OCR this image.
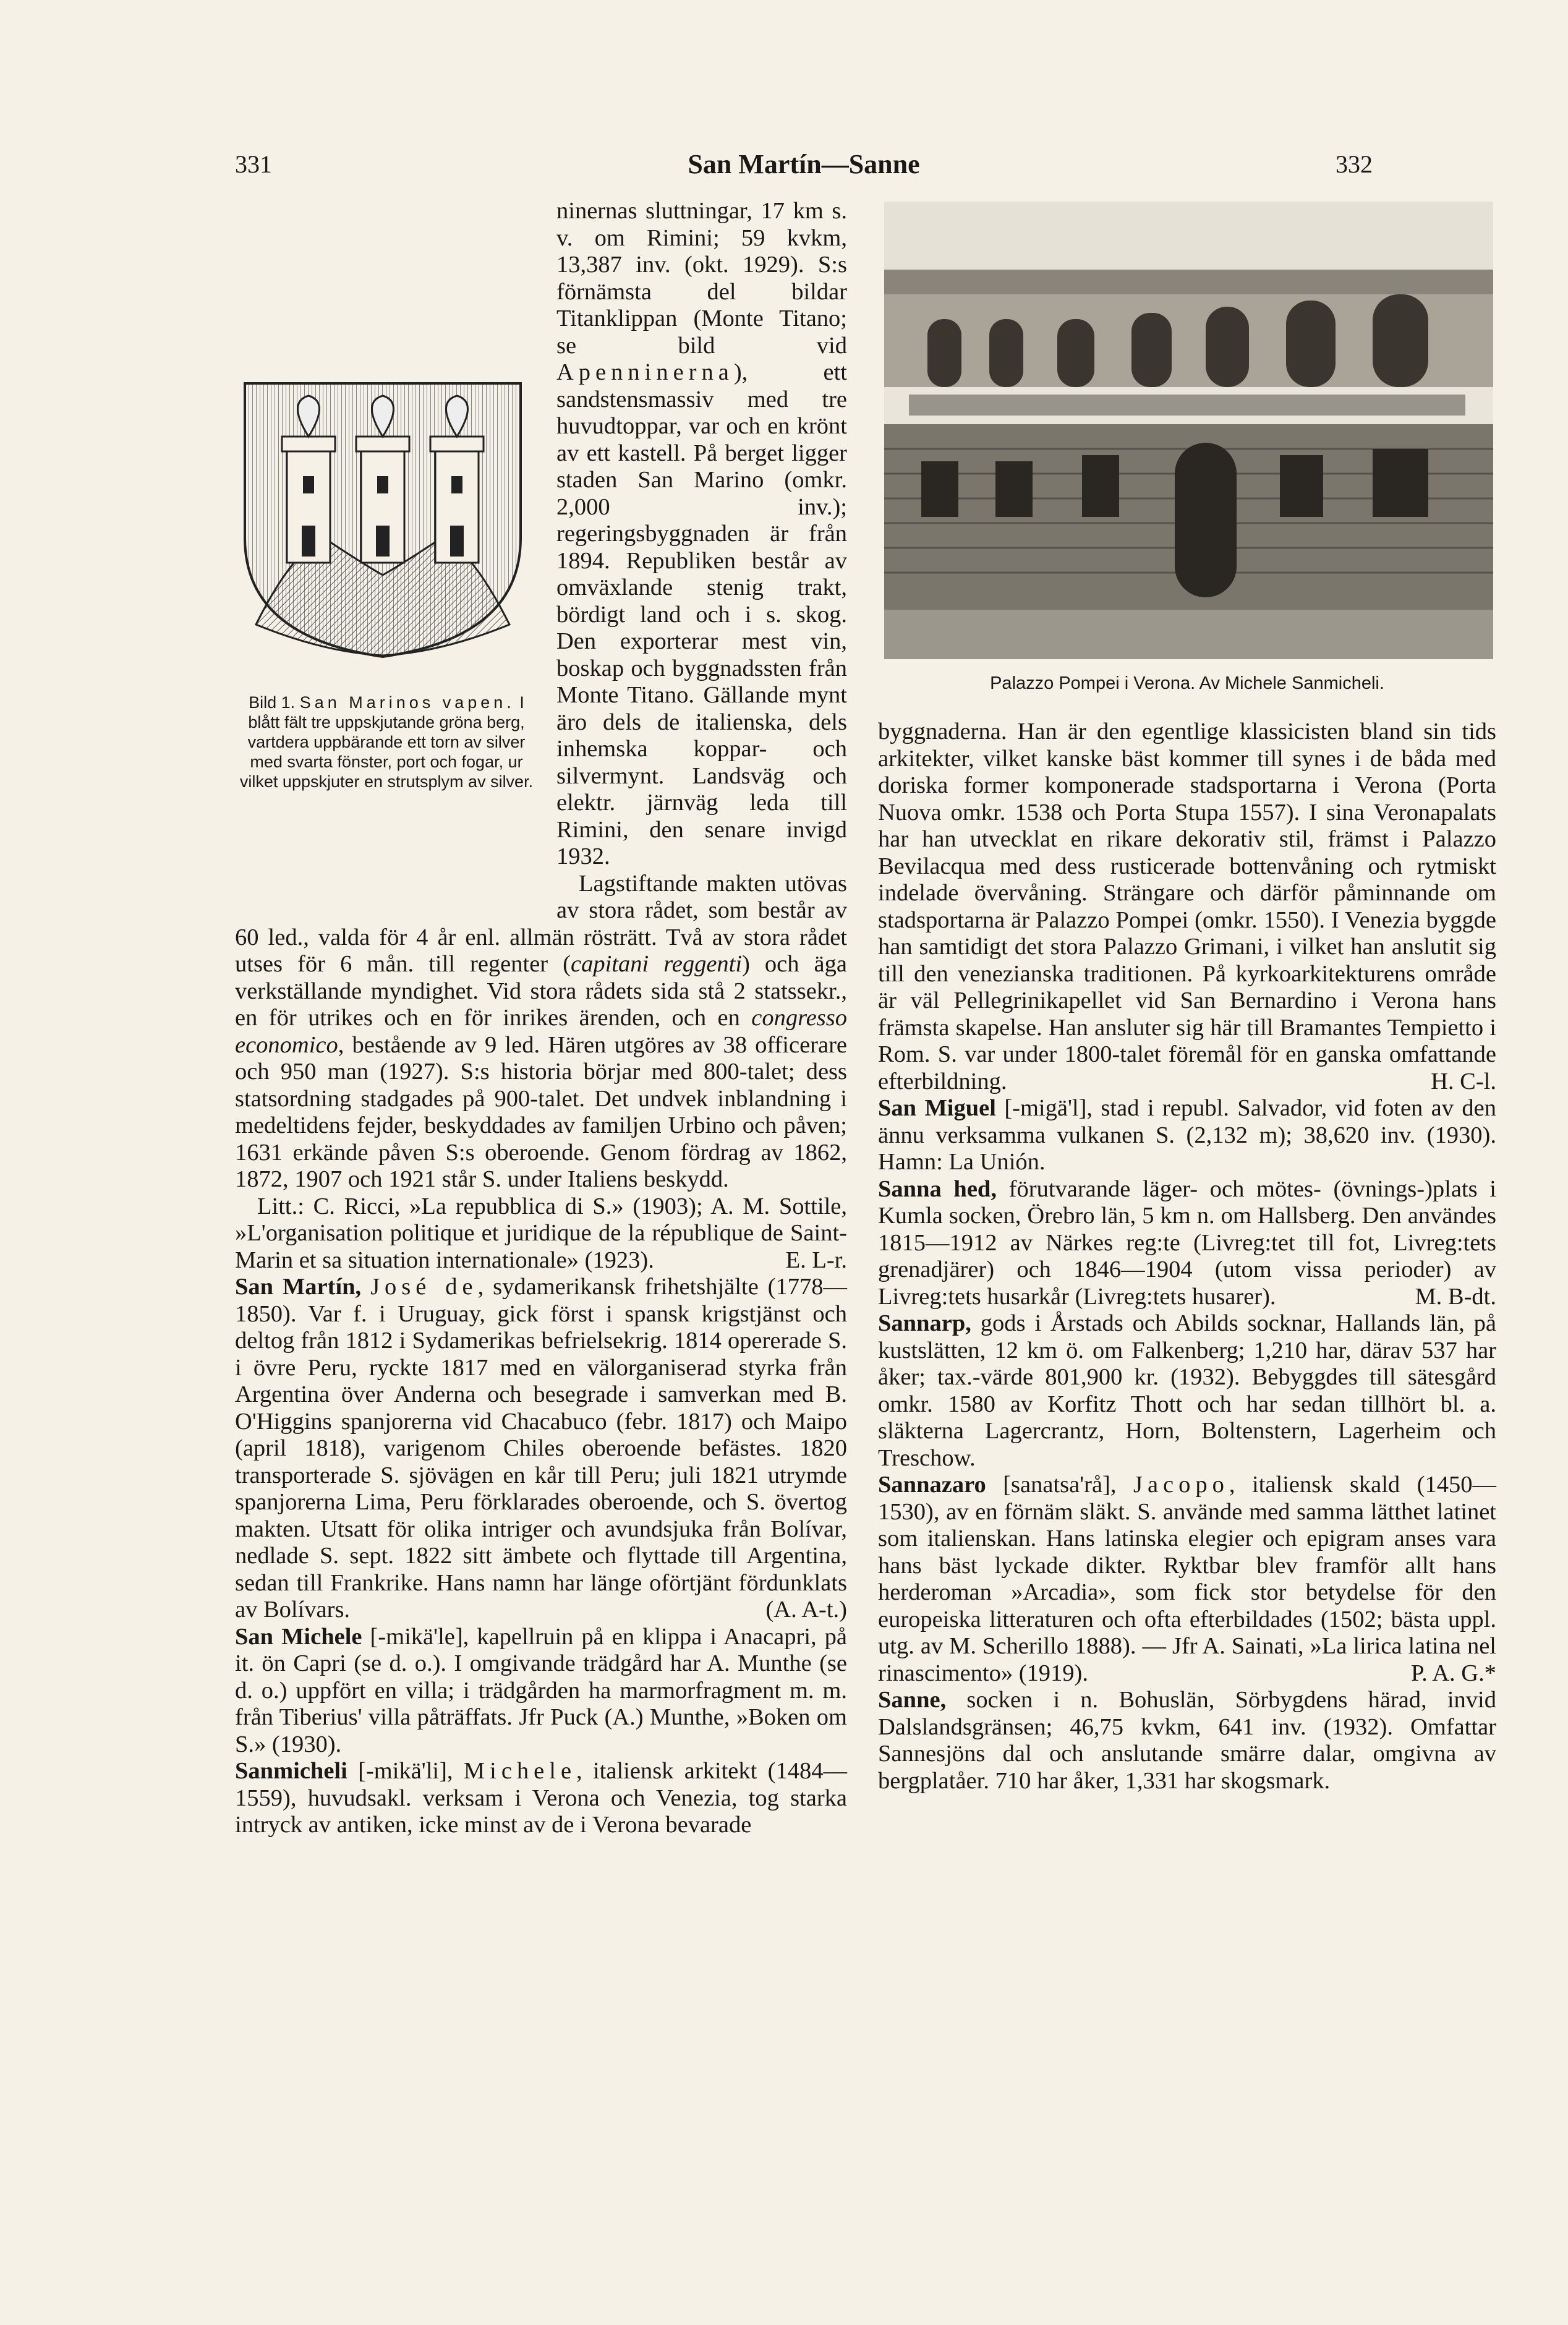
331	San Martín—Sanne	332
Bild 1. San Marinos vapen. I blått fält tre uppskjutande gröna berg, vartdera uppbärande ett torn av silver med svarta fönster, port och fogar, ur vilket uppskjuter en strutsplym av silver.

ninernas sluttningar, 17 km s. v. om Rimini; 59 kvkm, 13,387 inv. (okt. 1929). S:s förnämsta del bildar Titanklippan (Monte Titano; se bild vid Apenninerna), ett sandstensmassiv med tre huvudtoppar, var och en krönt av ett kastell. På berget ligger staden San Marino (omkr. 2,000 inv.); regeringsbyggnaden är från 1894. Republiken består av omväxlande stenig trakt, bördigt land och i s. skog. Den exporterar mest vin, boskap och byggnadssten från Monte Titano. Gällande mynt äro dels de italienska, dels inhemska koppar- och silvermynt. Landsväg och elektr. järnväg leda till Rimini, den senare invigd 1932.

Lagstiftande makten utövas av stora rådet, som består av 60 led., valda för 4 år enl. allmän rösträtt. Två av stora rådet utses för 6 mån. till regenter (capitani reggenti) och äga verkställande myndighet. Vid stora rådets sida stå 2 statssekr., en för utrikes och en för inrikes ärenden, och en congresso economico, bestående av 9 led. Hären utgöres av 38 officerare och 950 man (1927). S:s historia börjar med 800-talet; dess statsordning stadgades på 900-talet. Det undvek inblandning i medeltidens fejder, beskyddades av familjen Urbino och påven; 1631 erkände påven S:s oberoende. Genom fördrag av 1862, 1872, 1907 och 1921 står S. under Italiens beskydd.

Litt.: C. Ricci, »La repubblica di S.» (1903); A. M. Sottile, »L'organisation politique et juridique de la république de Saint-Marin et sa situation internationale» (1923).	E. L-r.

San Martín, José de, sydamerikansk frihetshjälte (1778—1850). Var f. i Uruguay, gick först i spansk krigstjänst och deltog från 1812 i Sydamerikas befrielsekrig. 1814 opererade S. i övre Peru, ryckte 1817 med en välorganiserad styrka från Argentina över Anderna och besegrade i samverkan med B. O'Higgins spanjorerna vid Chacabuco (febr. 1817) och Maipo (april 1818), varigenom Chiles oberoende befästes. 1820 transporterade S. sjövägen en kår till Peru; juli 1821 utrymde spanjorerna Lima, Peru förklarades oberoende, och S. övertog makten. Utsatt för olika intriger och avundsjuka från Bolívar, nedlade S. sept. 1822 sitt ämbete och flyttade till Argentina, sedan till Frankrike. Hans namn har länge oförtjänt fördunklats av Bolívars.	(A. A-t.)

San Michele [-mikä'le], kapellruin på en klippa i Anacapri, på it. ön Capri (se d. o.). I omgivande trädgård har A. Munthe (se d. o.) uppfört en villa; i trädgården ha marmorfragment m. m. från Tiberius' villa påträffats. Jfr Puck (A.) Munthe, »Boken om S.» (1930).

Sanmicheli [-mikä'li], Michele, italiensk arkitekt (1484—1559), huvudsakl. verksam i Verona och Venezia, tog starka intryck av antiken, icke minst av de i Verona bevarade

Palazzo Pompei i Verona. Av Michele Sanmicheli.

byggnaderna. Han är den egentlige klassicisten bland sin tids arkitekter, vilket kanske bäst kommer till synes i de båda med doriska former komponerade stadsportarna i Verona (Porta Nuova omkr. 1538 och Porta Stupa 1557). I sina Veronapalats har han utvecklat en rikare dekorativ stil, främst i Palazzo Bevilacqua med dess rusticerade bottenvåning och rytmiskt indelade övervåning. Strängare och därför påminnande om stadsportarna är Palazzo Pompei (omkr. 1550). I Venezia byggde han samtidigt det stora Palazzo Grimani, i vilket han anslutit sig till den venezianska traditionen. På kyrkoarkitekturens område är väl Pellegrinikapellet vid San Bernardino i Verona hans främsta skapelse. Han ansluter sig här till Bramantes Tempietto i Rom. S. var under 1800-talet föremål för en ganska omfattande efterbildning.	H. C-l.

San Miguel [-migä'l], stad i republ. Salvador, vid foten av den ännu verksamma vulkanen S. (2,132 m); 38,620 inv. (1930). Hamn: La Unión.

Sanna hed, förutvarande läger- och mötes- (övnings-)plats i Kumla socken, Örebro län, 5 km n. om Hallsberg. Den användes 1815—1912 av Närkes reg:te (Livreg:tet till fot, Livreg:tets grenadjärer) och 1846—1904 (utom vissa perioder) av Livreg:tets husarkår (Livreg:tets husarer).	M. B-dt.

Sannarp, gods i Årstads och Abilds socknar, Hallands län, på kustslätten, 12 km ö. om Falkenberg; 1,210 har, därav 537 har åker; tax.-värde 801,900 kr. (1932). Bebyggdes till sätesgård omkr. 1580 av Korfitz Thott och har sedan tillhört bl. a. släkterna Lagercrantz, Horn, Boltenstern, Lagerheim och Treschow.

Sannazaro [sanatsa'rå], Jacopo, italiensk skald (1450—1530), av en förnäm släkt. S. använde med samma lätthet latinet som italienskan. Hans latinska elegier och epigram anses vara hans bäst lyckade dikter. Ryktbar blev framför allt hans herderoman »Arcadia», som fick stor betydelse för den europeiska litteraturen och ofta efterbildades (1502; bästa uppl. utg. av M. Scherillo 1888). — Jfr A. Sainati, »La lirica latina nel rinascimento» (1919).	P. A. G.*

Sanne, socken i n. Bohuslän, Sörbygdens härad, invid Dalslandsgränsen; 46,75 kvkm, 641 inv. (1932). Omfattar Sannesjöns dal och anslutande smärre dalar, omgivna av bergplatåer. 710 har åker, 1,331 har skogsmark.
